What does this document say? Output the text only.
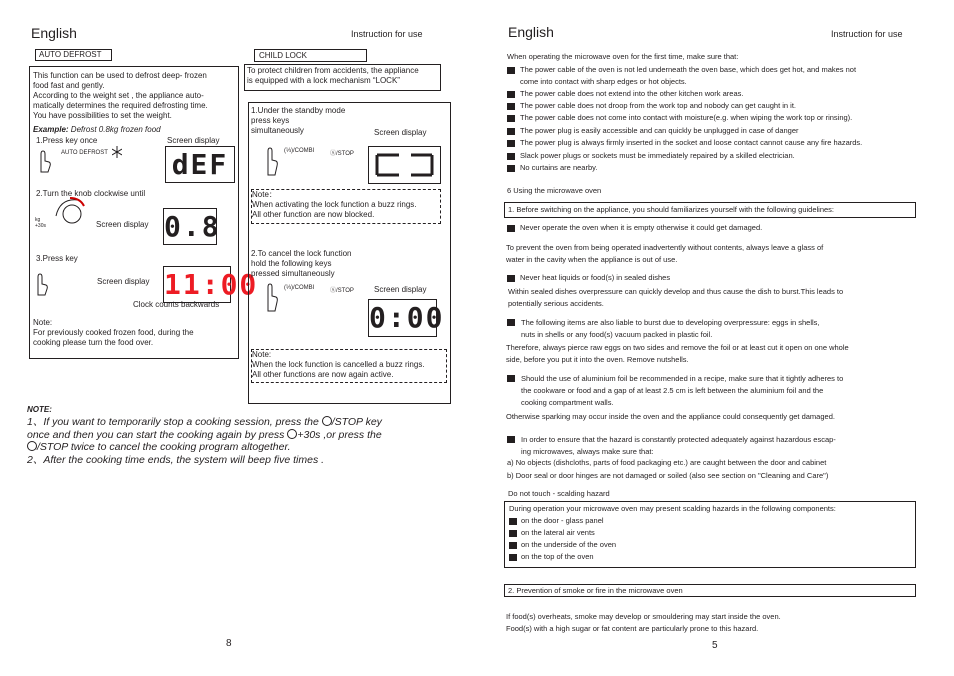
English	Instruction for use
AUTO DEFROST
This function can be used to defrost deep- frozen
food fast and gently.
According to the weight set , the appliance auto-
matically determines the required defrosting time.
You have possibilities to set the weight.
Example: Defrost 0.8kg frozen food
1.Press key once	Screen display
AUTO DEFROST dEF
2.Turn the knob clockwise until
kg
+30s	Screen display 0.8
3.Press key
Screen display 11:00
Clock counts backwards
Note:
For previously cooked frozen food, during the
cooking please turn the food over.
CHILD LOCK
To protect children from accidents, the appliance
is equipped with a lock mechanism “LOCK”
1.Under the standby mode
press keys
simultaneously	Screen display
(⅓)/COMBI	Ⓢ/STOP
Note：
When activating the lock function a buzz rings.
All other function are now blocked.
2.To cancel the lock function
hold the following keys
pressed simultaneously
(⅓)/COMBI	Ⓢ/STOP	Screen display
0:00
Note:
When the lock function is cancelled a buzz rings.
All other functions are now again active.
NOTE:
1、If you want to temporarily stop a cooking session, press the /STOP key
once and then you can start the cooking again by press +30s ,or press the
/STOP twice to cancel the cooking program altogether.
2、After the cooking time ends, the system will beep five times .
8
English	Instruction for use
When operating the microwave oven for the first time, make sure that:
The power cable of the oven is not led underneath the oven base, which does get hot, and makes not
come into contact with sharp edges or hot objects.
The power cable does not extend into the other kitchen work areas.
The power cable does not droop from the work top and nobody can get caught in it.
The power cable does not come into contact with moisture(e.g. when wiping the work top or rinsing).
The power plug is easily accessible and can quickly be unplugged in case of danger
The power plug is always firmly inserted in the socket and loose contact cannot cause any fire hazards.
Slack power plugs or sockets must be immediately repaired by a skilled electrician.
No curtains are nearby.
6 Using the microwave oven
1. Before switching on the appliance, you should familiarizes yourself with the following guidelines:
Never operate the oven when it is empty otherwise it could get damaged.
To prevent the oven from being operated inadvertently without contents, always leave a glass of
water in the cavity when the appliance is out of use.
Never heat liquids or food(s) in sealed dishes
Within sealed dishes overpressure can quickly develop and thus cause the dish to burst.This leads to
potentially serious accidents.
The following items are also liable to burst due to developing overpressure: eggs in shells,
nuts in shells or any food(s) vacuum packed in plastic foil.
Therefore, always pierce raw eggs on two sides and remove the foil or at least cut it open on one whole
side, before you put it into the oven. Remove nutshells.
Should the use of aluminium foil be recommended in a recipe, make sure that it tightly adheres to
the cookware or food and a gap of at least 2.5 cm is left between the aluminium foil and the
cooking compartment walls.
Otherwise sparking may occur inside the oven and the appliance could consequently get damaged.
In order to ensure that the hazard is constantly protected adequately against hazardous escap-
ing microwaves, always make sure that:
a) No objects (dishcloths, parts of food packaging etc.) are caught between the door and cabinet
b) Door seal or door hinges are not damaged or soiled (also see section on "Cleaning and Care")
Do not touch - scalding hazard
During operation your microwave oven may present scalding hazards in the following components:
on the door - glass panel
on the lateral air vents
on the underside of the oven
on the top of the oven
2. Prevention of smoke or fire in the microwave oven
If food(s) overheats, smoke may develop or smouldering may start inside the oven.
Food(s) with a high sugar or fat content are particularly prone to this hazard.
5
